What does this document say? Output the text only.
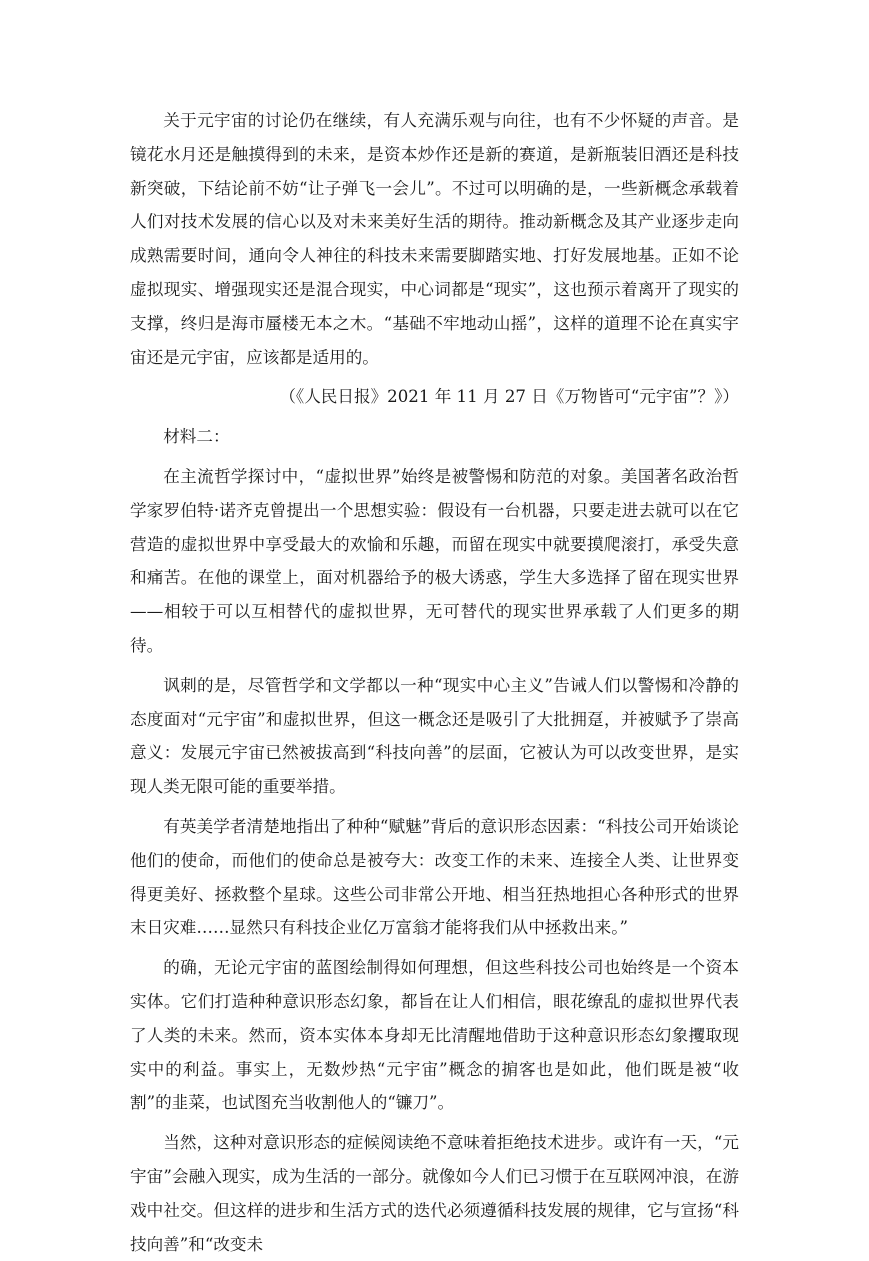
关于元宇宙的讨论仍在继续，有人充满乐观与向往，也有不少怀疑的声音。是镜花水月还是触摸得到的未来，是资本炒作还是新的赛道，是新瓶装旧酒还是科技新突破，下结论前不妨“让子弹飞一会儿”。不过可以明确的是，一些新概念承载着人们对技术发展的信心以及对未来美好生活的期待。推动新概念及其产业逐步走向成熟需要时间，通向令人神往的科技未来需要脚踏实地、打好发展地基。正如不论虚拟现实、增强现实还是混合现实，中心词都是“现实”，这也预示着离开了现实的支撑，终归是海市蜃楼无本之木。“基础不牢地动山摇”，这样的道理不论在真实宇宙还是元宇宙，应该都是适用的。

（《人民日报》2021 年 11 月 27 日《万物皆可“元宇宙”？》）

材料二：

在主流哲学探讨中，“虚拟世界”始终是被警惕和防范的对象。美国著名政治哲学家罗伯特·诺齐克曾提出一个思想实验：假设有一台机器，只要走进去就可以在它营造的虚拟世界中享受最大的欢愉和乐趣，而留在现实中就要摸爬滚打，承受失意和痛苦。在他的课堂上，面对机器给予的极大诱惑，学生大多选择了留在现实世界——相较于可以互相替代的虚拟世界，无可替代的现实世界承载了人们更多的期待。

讽刺的是，尽管哲学和文学都以一种“现实中心主义”告诫人们以警惕和冷静的态度面对“元宇宙”和虚拟世界，但这一概念还是吸引了大批拥趸，并被赋予了崇高意义：发展元宇宙已然被拔高到“科技向善”的层面，它被认为可以改变世界，是实现人类无限可能的重要举措。

有英美学者清楚地指出了种种“赋魅”背后的意识形态因素：“科技公司开始谈论他们的使命，而他们的使命总是被夸大：改变工作的未来、连接全人类、让世界变得更美好、拯救整个星球。这些公司非常公开地、相当狂热地担心各种形式的世界末日灾难……显然只有科技企业亿万富翁才能将我们从中拯救出来。”

的确，无论元宇宙的蓝图绘制得如何理想，但这些科技公司也始终是一个资本实体。它们打造种种意识形态幻象，都旨在让人们相信，眼花缭乱的虚拟世界代表了人类的未来。然而，资本实体本身却无比清醒地借助于这种意识形态幻象攫取现实中的利益。事实上，无数炒热“元宇宙”概念的掮客也是如此，他们既是被“收割”的韭菜，也试图充当收割他人的“镰刀”。

当然，这种对意识形态的症候阅读绝不意味着拒绝技术进步。或许有一天，“元宇宙”会融入现实，成为生活的一部分。就像如今人们已习惯于在互联网冲浪，在游戏中社交。但这样的进步和生活方式的迭代必须遵循科技发展的规律，它与宣扬“科技向善”和“改变未
